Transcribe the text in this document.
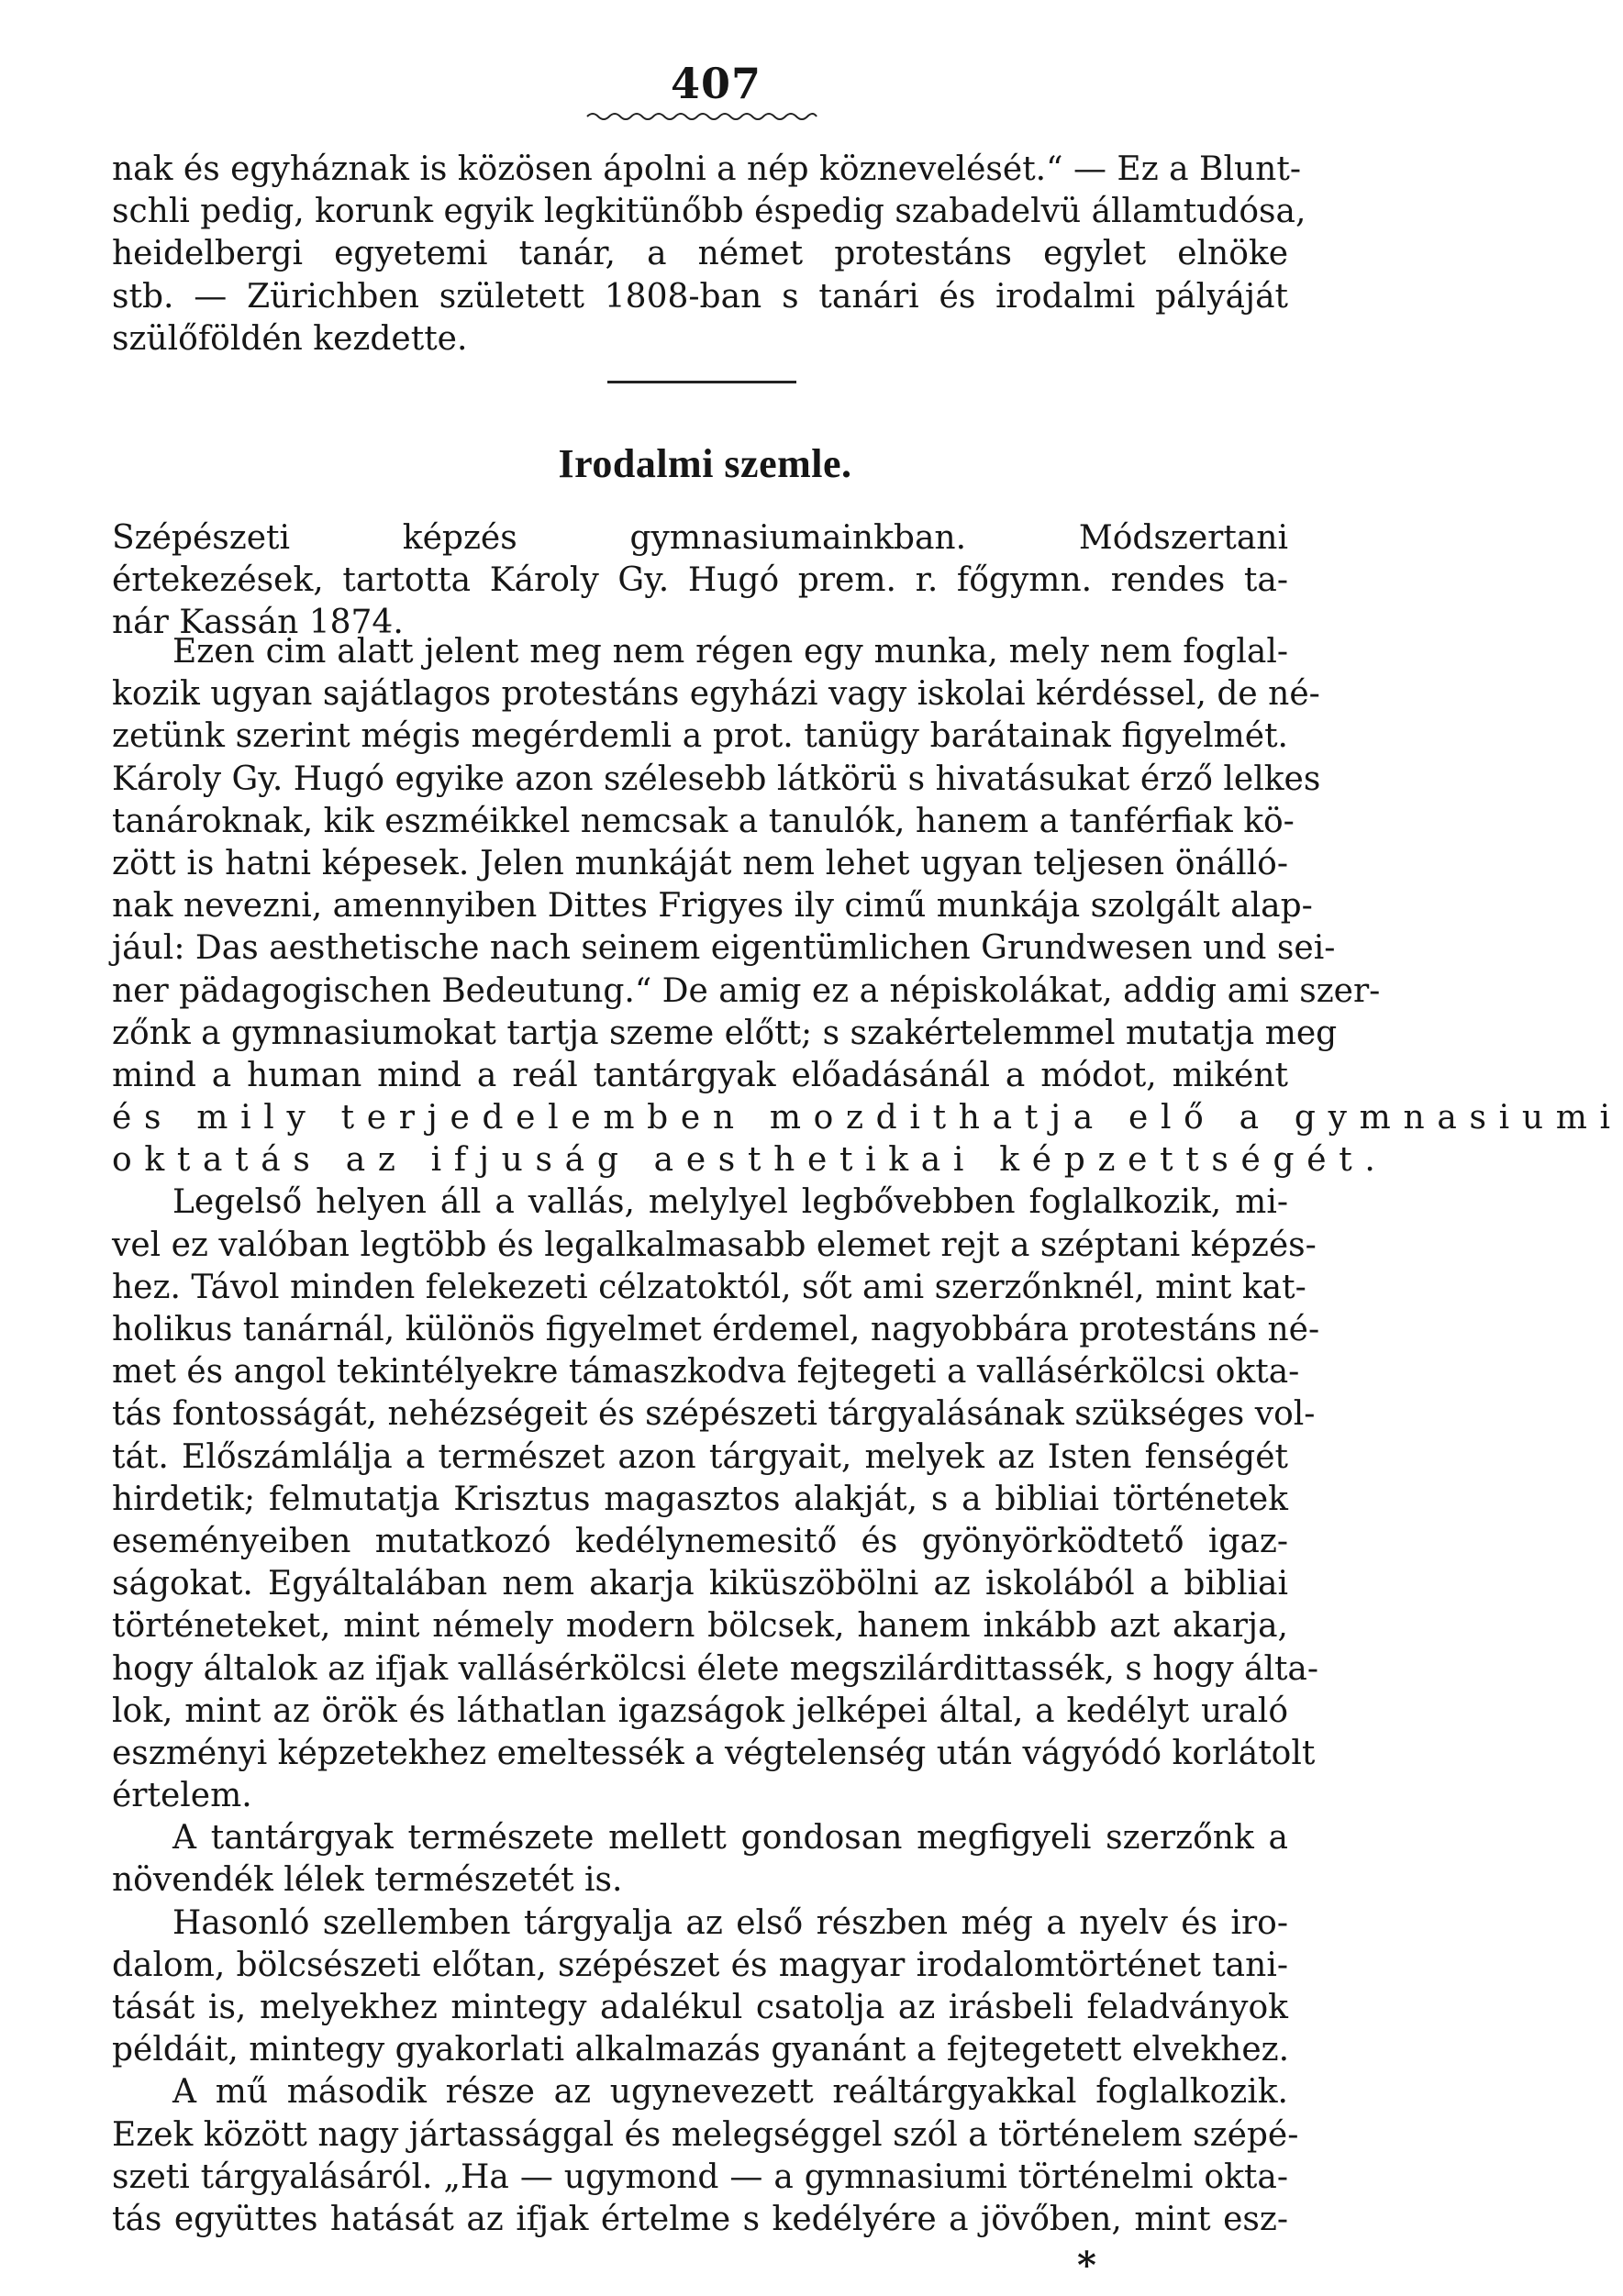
407
nak és egyháznak is közösen ápolni a nép köznevelését.“ — Ez a Blunt-
schli pedig, korunk egyik legkitünőbb éspedig szabadelvü államtudósa,
heidelbergi egyetemi tanár, a német protestáns egylet elnöke
stb. — Zürichben született 1808-ban s tanári és irodalmi pályáját
szülőföldén kezdette.
Irodalmi szemle.
Szépészeti képzés gymnasiumainkban. Módszertani
értekezések, tartotta Károly Gy. Hugó prem. r. főgymn. rendes ta-
nár Kassán 1874.
Ezen cim alatt jelent meg nem régen egy munka, mely nem foglal-
kozik ugyan sajátlagos protestáns egyházi vagy iskolai kérdéssel, de né-
zetünk szerint mégis megérdemli a prot. tanügy barátainak figyelmét.
Károly Gy. Hugó egyike azon szélesebb látkörü s hivatásukat érző lelkes
tanároknak, kik eszméikkel nemcsak a tanulók, hanem a tanférfiak kö-
zött is hatni képesek. Jelen munkáját nem lehet ugyan teljesen önálló-
nak nevezni, amennyiben Dittes Frigyes ily cimű munkája szolgált alap-
jául: Das aesthetische nach seinem eigentümlichen Grundwesen und sei-
ner pädagogischen Bedeutung.“ De amig ez a népiskolákat, addig ami szer-
zőnk a gymnasiumokat tartja szeme előtt; s szakértelemmel mutatja meg
mind a human mind a reál tantárgyak előadásánál a módot, miként
és mily terjedelemben mozdithatja elő a gymnasiumi
oktatás az ifjuság aesthetikai képzettségét.
Legelső helyen áll a vallás, melylyel legbővebben foglalkozik, mi-
vel ez valóban legtöbb és legalkalmasabb elemet rejt a széptani képzés-
hez. Távol minden felekezeti célzatoktól, sőt ami szerzőnknél, mint kat-
holikus tanárnál, különös figyelmet érdemel, nagyobbára protestáns né-
met és angol tekintélyekre támaszkodva fejtegeti a vallásérkölcsi okta-
tás fontosságát, nehézségeit és szépészeti tárgyalásának szükséges vol-
tát. Előszámlálja a természet azon tárgyait, melyek az Isten fenségét
hirdetik; felmutatja Krisztus magasztos alakját, s a bibliai történetek
eseményeiben mutatkozó kedélynemesitő és gyönyörködtető igaz-
ságokat. Egyáltalában nem akarja kiküszöbölni az iskolából a bibliai
történeteket, mint némely modern bölcsek, hanem inkább azt akarja,
hogy általok az ifjak vallásérkölcsi élete megszilárdittassék, s hogy álta-
lok, mint az örök és láthatlan igazságok jelképei által, a kedélyt uraló
eszményi képzetekhez emeltessék a végtelenség után vágyódó korlátolt
értelem.
A tantárgyak természete mellett gondosan megfigyeli szerzőnk a
növendék lélek természetét is.
Hasonló szellemben tárgyalja az első részben még a nyelv és iro-
dalom, bölcsészeti előtan, szépészet és magyar irodalomtörténet tani-
tását is, melyekhez mintegy adalékul csatolja az irásbeli feladványok
példáit, mintegy gyakorlati alkalmazás gyanánt a fejtegetett elvekhez.
A mű második része az ugynevezett reáltárgyakkal foglalkozik.
Ezek között nagy jártassággal és melegséggel szól a történelem szépé-
szeti tárgyalásáról. „Ha — ugymond — a gymnasiumi történelmi okta-
tás együttes hatását az ifjak értelme s kedélyére a jövőben, mint esz-
*
